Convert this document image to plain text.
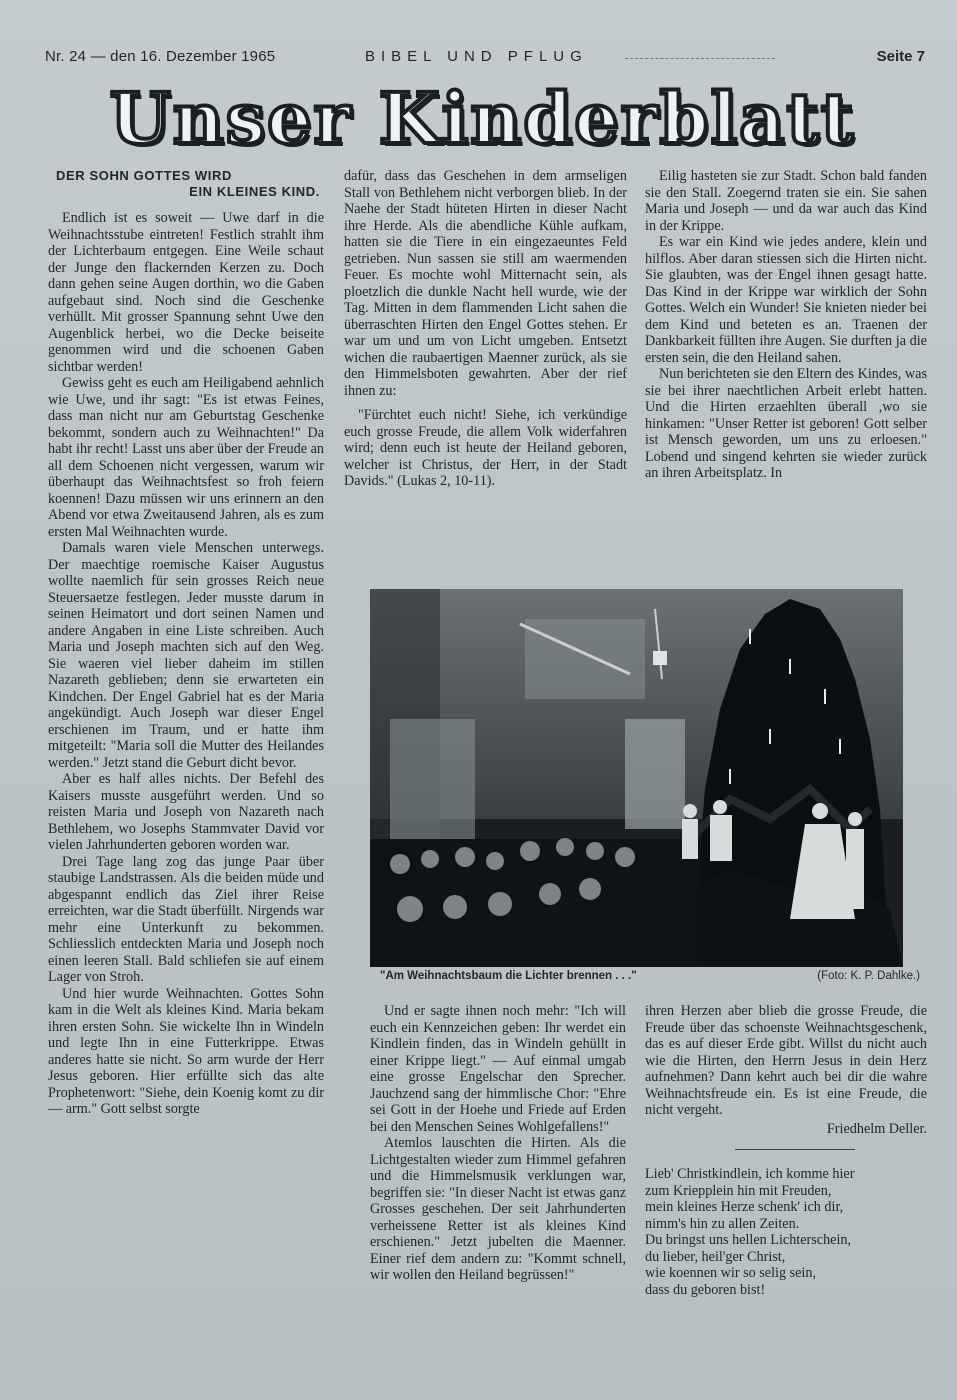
Nr. 24 — den 16. Dezember 1965	BIBEL UND PFLUG	Seite 7
Unser Kinderblatt
DER SOHN GOTTES WIRD
EIN KLEINES KIND.

Endlich ist es soweit — Uwe darf in die Weihnachtsstube eintreten! Festlich strahlt ihm der Lichterbaum entgegen. Eine Weile schaut der Junge den flackernden Kerzen zu. Doch dann gehen seine Augen dorthin, wo die Gaben aufgebaut sind. Noch sind die Geschenke verhüllt. Mit grosser Spannung sehnt Uwe den Augenblick herbei, wo die Decke beiseite genommen wird und die schoenen Gaben sichtbar werden!

Gewiss geht es euch am Heiligabend aehnlich wie Uwe, und ihr sagt: "Es ist etwas Feines, dass man nicht nur am Geburtstag Geschenke bekommt, sondern auch zu Weihnachten!" Da habt ihr recht! Lasst uns aber über der Freude an all dem Schoenen nicht vergessen, warum wir überhaupt das Weihnachtsfest so froh feiern koennen! Dazu müssen wir uns erinnern an den Abend vor etwa Zweitausend Jahren, als es zum ersten Mal Weihnachten wurde.

Damals waren viele Menschen unterwegs. Der maechtige roemische Kaiser Augustus wollte naemlich für sein grosses Reich neue Steuersaetze festlegen. Jeder musste darum in seinen Heimatort und dort seinen Namen und andere Angaben in eine Liste schreiben. Auch Maria und Joseph machten sich auf den Weg. Sie waeren viel lieber daheim im stillen Nazareth geblieben; denn sie erwarteten ein Kindchen. Der Engel Gabriel hat es der Maria angekündigt. Auch Joseph war dieser Engel erschienen im Traum, und er hatte ihm mitgeteilt: "Maria soll die Mutter des Heilandes werden." Jetzt stand die Geburt dicht bevor.

Aber es half alles nichts. Der Befehl des Kaisers musste ausgeführt werden. Und so reisten Maria und Joseph von Nazareth nach Bethlehem, wo Josephs Stammvater David vor vielen Jahrhunderten geboren worden war.

Drei Tage lang zog das junge Paar über staubige Landstrassen. Als die beiden müde und abgespannt endlich das Ziel ihrer Reise erreichten, war die Stadt überfüllt. Nirgends war mehr eine Unterkunft zu bekommen. Schliesslich entdeckten Maria und Joseph noch einen leeren Stall. Bald schliefen sie auf einem Lager von Stroh.

Und hier wurde Weihnachten. Gottes Sohn kam in die Welt als kleines Kind. Maria bekam ihren ersten Sohn. Sie wickelte Ihn in Windeln und legte Ihn in eine Futterkrippe. Etwas anderes hatte sie nicht. So arm wurde der Herr Jesus geboren. Hier erfüllte sich das alte Prophetenwort: "Siehe, dein Koenig komt zu dir — arm." Gott selbst sorgte

dafür, dass das Geschehen in dem armseligen Stall von Bethlehem nicht verborgen blieb. In der Naehe der Stadt hüteten Hirten in dieser Nacht ihre Herde. Als die abendliche Kühle aufkam, hatten sie die Tiere in ein eingezaeuntes Feld getrieben. Nun sassen sie still am waermenden Feuer. Es mochte wohl Mitternacht sein, als ploetzlich die dunkle Nacht hell wurde, wie der Tag. Mitten in dem flammenden Licht sahen die überraschten Hirten den Engel Gottes stehen. Er war um und um von Licht umgeben. Entsetzt wichen die raubaertigen Maenner zurück, als sie den Himmelsboten gewahrten. Aber der rief ihnen zu:

"Fürchtet euch nicht! Siehe, ich verkündige euch grosse Freude, die allem Volk widerfahren wird; denn euch ist heute der Heiland geboren, welcher ist Christus, der Herr, in der Stadt Davids." (Lukas 2, 10-11).

Eilig hasteten sie zur Stadt. Schon bald fanden sie den Stall. Zoegernd traten sie ein. Sie sahen Maria und Joseph — und da war auch das Kind in der Krippe.

Es war ein Kind wie jedes andere, klein und hilflos. Aber daran stiessen sich die Hirten nicht. Sie glaubten, was der Engel ihnen gesagt hatte. Das Kind in der Krippe war wirklich der Sohn Gottes. Welch ein Wunder! Sie knieten nieder bei dem Kind und beteten es an. Traenen der Dankbarkeit füllten ihre Augen. Sie durften ja die ersten sein, die den Heiland sahen.

Nun berichteten sie den Eltern des Kindes, was sie bei ihrer naechtlichen Arbeit erlebt hatten. Und die Hirten erzaehlten überall ,wo sie hinkamen: "Unser Retter ist geboren! Gott selber ist Mensch geworden, um uns zu erloesen." Lobend und singend kehrten sie wieder zurück an ihren Arbeitsplatz. In

"Am Weihnachtsbaum die Lichter brennen . . ."	(Foto: K. P. Dahlke.)

Und er sagte ihnen noch mehr: "Ich will euch ein Kennzeichen geben: Ihr werdet ein Kindlein finden, das in Windeln gehüllt in einer Krippe liegt." — Auf einmal umgab eine grosse Engelschar den Sprecher. Jauchzend sang der himmlische Chor: "Ehre sei Gott in der Hoehe und Friede auf Erden bei den Menschen Seines Wohlgefallens!"

Atemlos lauschten die Hirten. Als die Lichtgestalten wieder zum Himmel gefahren und die Himmelsmusik verklungen war, begriffen sie: "In dieser Nacht ist etwas ganz Grosses geschehen. Der seit Jahrhunderten verheissene Retter ist als kleines Kind erschienen." Jetzt jubelten die Maenner. Einer rief dem andern zu: "Kommt schnell, wir wollen den Heiland begrüssen!"

ihren Herzen aber blieb die grosse Freude, die Freude über das schoenste Weihnachtsgeschenk, das es auf dieser Erde gibt. Willst du nicht auch wie die Hirten, den Herrn Jesus in dein Herz aufnehmen? Dann kehrt auch bei dir die wahre Weihnachtsfreude ein. Es ist eine Freude, die nicht vergeht.

Friedhelm Deller.
Lieb' Christkindlein, ich komme hier
zum Kriepplein hin mit Freuden,
mein kleines Herze schenk' ich dir,
nimm's hin zu allen Zeiten.
Du bringst uns hellen Lichterschein,
du lieber, heil'ger Christ,
wie koennen wir so selig sein,
dass du geboren bist!
